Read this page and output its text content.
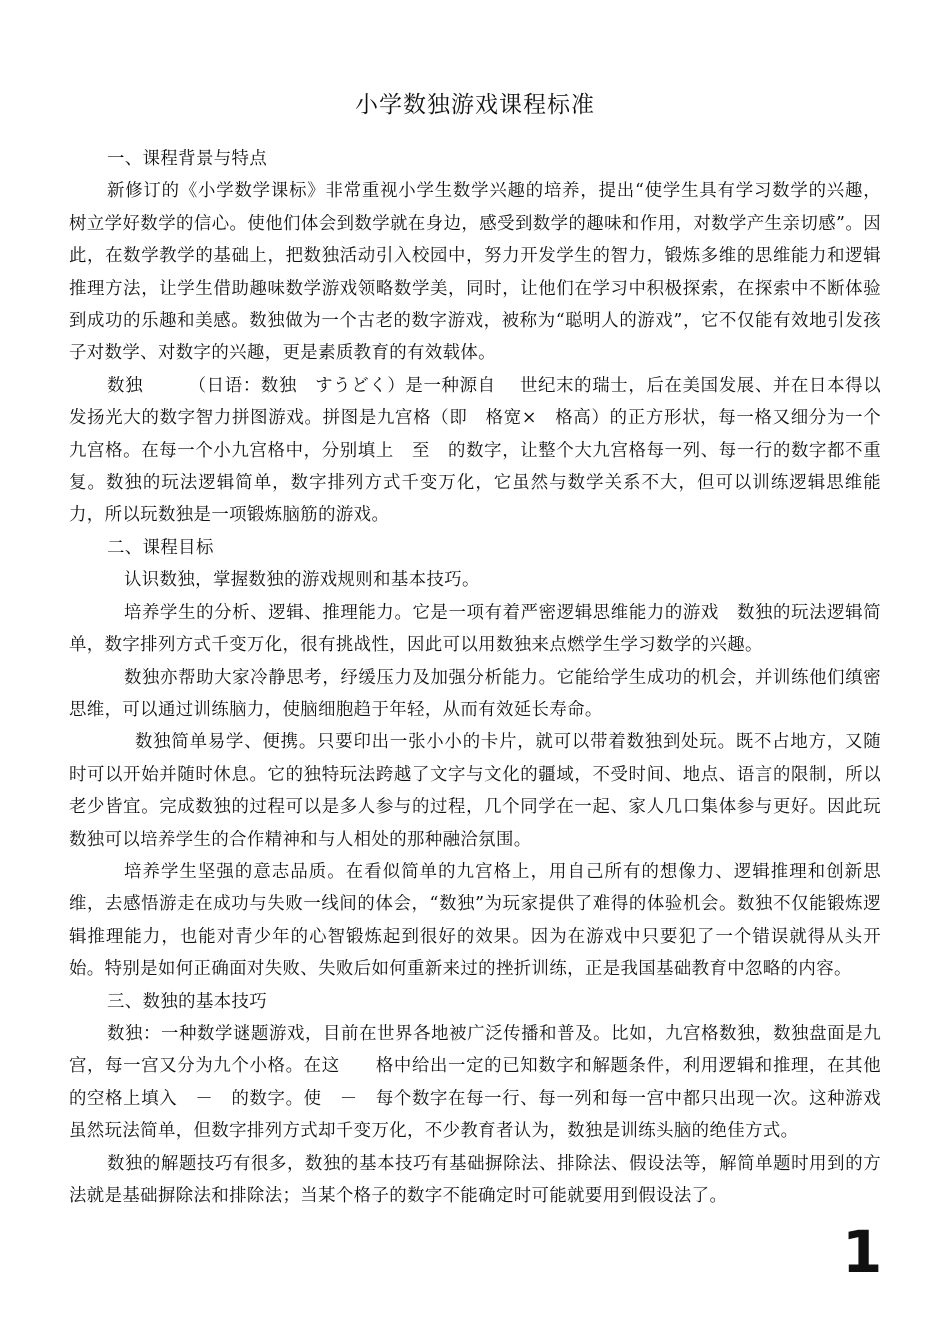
小学数独游戏课程标准

一、课程背景与特点

新修订的《小学数学课标》非常重视小学生数学兴趣的培养，提出“使学生具有学习数学的兴趣，树立学好数学的信心。使他们体会到数学就在身边，感受到数学的趣味和作用，对数学产生亲切感”。因此，在数学教学的基础上，把数独活动引入校园中，努力开发学生的智力，锻炼多维的思维能力和逻辑推理方法，让学生借助趣味数学游戏领略数学美，同时，让他们在学习中积极探索，在探索中不断体验到成功的乐趣和美感。数独做为一个古老的数字游戏，被称为“聪明人的游戏”，它不仅能有效地引发孩子对数学、对数字的兴趣，更是素质教育的有效载体。

数独　　　（日语：数独　すうどく）是一种源自　 世纪末的瑞士，后在美国发展、并在日本得以发扬光大的数字智力拼图游戏。拼图是九宫格（即　格宽×　格高）的正方形状，每一格又细分为一个九宫格。在每一个小九宫格中，分别填上　至　的数字，让整个大九宫格每一列、每一行的数字都不重复。数独的玩法逻辑简单，数字排列方式千变万化，它虽然与数学关系不大，但可以训练逻辑思维能力，所以玩数独是一项锻炼脑筋的游戏。

二、课程目标

认识数独，掌握数独的游戏规则和基本技巧。

培养学生的分析、逻辑、推理能力。它是一项有着严密逻辑思维能力的游戏　数独的玩法逻辑简单，数字排列方式千变万化，很有挑战性，因此可以用数独来点燃学生学习数学的兴趣。

数独亦帮助大家冷静思考，纾缓压力及加强分析能力。它能给学生成功的机会，并训练他们缜密思维，可以通过训练脑力，使脑细胞趋于年轻，从而有效延长寿命。

数独简单易学、便携。只要印出一张小小的卡片，就可以带着数独到处玩。既不占地方，又随时可以开始并随时休息。它的独特玩法跨越了文字与文化的疆域，不受时间、地点、语言的限制，所以老少皆宜。完成数独的过程可以是多人参与的过程，几个同学在一起、家人几口集体参与更好。因此玩数独可以培养学生的合作精神和与人相处的那种融洽氛围。

培养学生坚强的意志品质。在看似简单的九宫格上，用自己所有的想像力、逻辑推理和创新思维，去感悟游走在成功与失败一线间的体会，“数独”为玩家提供了难得的体验机会。数独不仅能锻炼逻辑推理能力，也能对青少年的心智锻炼起到很好的效果。因为在游戏中只要犯了一个错误就得从头开始。特别是如何正确面对失败、失败后如何重新来过的挫折训练，正是我国基础教育中忽略的内容。

三、数独的基本技巧

数独：一种数学谜题游戏，目前在世界各地被广泛传播和普及。比如，九宫格数独，数独盘面是九宫，每一宫又分为九个小格。在这　　格中给出一定的已知数字和解题条件，利用逻辑和推理，在其他的空格上填入　－　的数字。使　－　每个数字在每一行、每一列和每一宫中都只出现一次。这种游戏虽然玩法简单，但数字排列方式却千变万化，不少教育者认为，数独是训练头脑的绝佳方式。

数独的解题技巧有很多，数独的基本技巧有基础摒除法、排除法、假设法等，解简单题时用到的方法就是基础摒除法和排除法；当某个格子的数字不能确定时可能就要用到假设法了。

1
